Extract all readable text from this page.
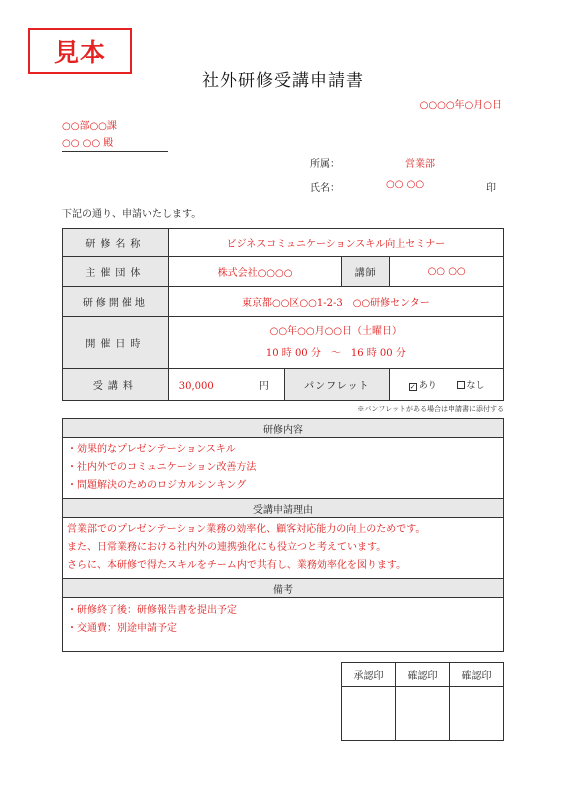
見本
社外研修受講申請書
○○○○年○月○日
○○部○○課
○○ ○○ 殿
所属：	営業部
氏名：	○○ ○○	印
下記の通り、申請いたします。
研修名称	ビジネスコミュニケーションスキル向上セミナー			
主催団体	株式会社○○○○		講師	○○ ○○
研修開催地	東京都○○区○○1-2-3　○○研修センター			
開催日時	○○年○○月○○日（土曜日）
10 時 00 分　～　16 時 00 分			

受講料	30,000 円	パンフレット		✓ あり なし
※パンフレットがある場合は申請書に添付する
研修内容

・効果的なプレゼンテーションスキル
・社内外でのコミュニケーション改善方法
・問題解決のためのロジカルシンキング

受講申請理由

営業部でのプレゼンテーション業務の効率化、顧客対応能力の向上のためです。
また、日常業務における社内外の連携強化にも役立つと考えています。
さらに、本研修で得たスキルをチーム内で共有し、業務効率化を図ります。

備考

・研修終了後：研修報告書を提出予定
・交通費：別途申請予定
承認印	確認印	確認印
